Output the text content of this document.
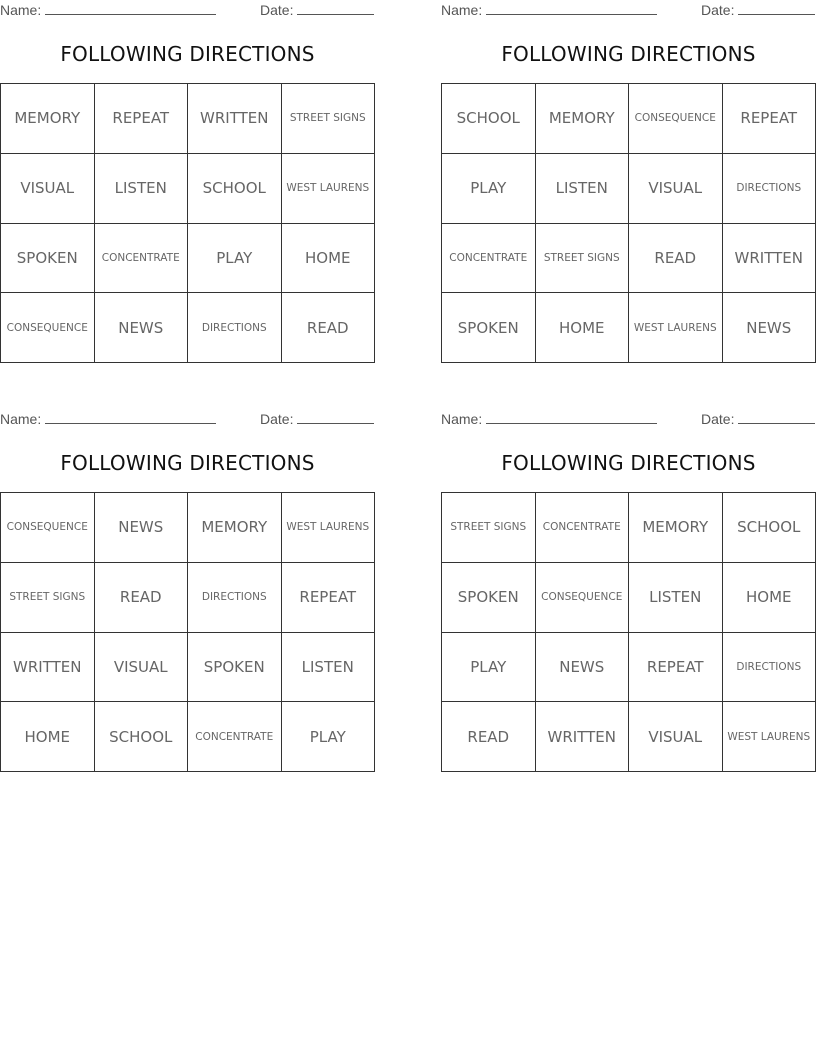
Name:	Date:
FOLLOWING DIRECTIONS
MEMORY	REPEAT	WRITTEN	STREET SIGNS
VISUAL	LISTEN	SCHOOL	WEST LAURENS
SPOKEN	CONCENTRATE	PLAY	HOME
CONSEQUENCE	NEWS	DIRECTIONS	READ
Name:	Date:
FOLLOWING DIRECTIONS
SCHOOL	MEMORY	CONSEQUENCE	REPEAT
PLAY	LISTEN	VISUAL	DIRECTIONS
CONCENTRATE	STREET SIGNS	READ	WRITTEN
SPOKEN	HOME	WEST LAURENS	NEWS
Name:	Date:
FOLLOWING DIRECTIONS
CONSEQUENCE	NEWS	MEMORY	WEST LAURENS
STREET SIGNS	READ	DIRECTIONS	REPEAT
WRITTEN	VISUAL	SPOKEN	LISTEN
HOME	SCHOOL	CONCENTRATE	PLAY
Name:	Date:
FOLLOWING DIRECTIONS
STREET SIGNS	CONCENTRATE	MEMORY	SCHOOL
SPOKEN	CONSEQUENCE	LISTEN	HOME
PLAY	NEWS	REPEAT	DIRECTIONS
READ	WRITTEN	VISUAL	WEST LAURENS
